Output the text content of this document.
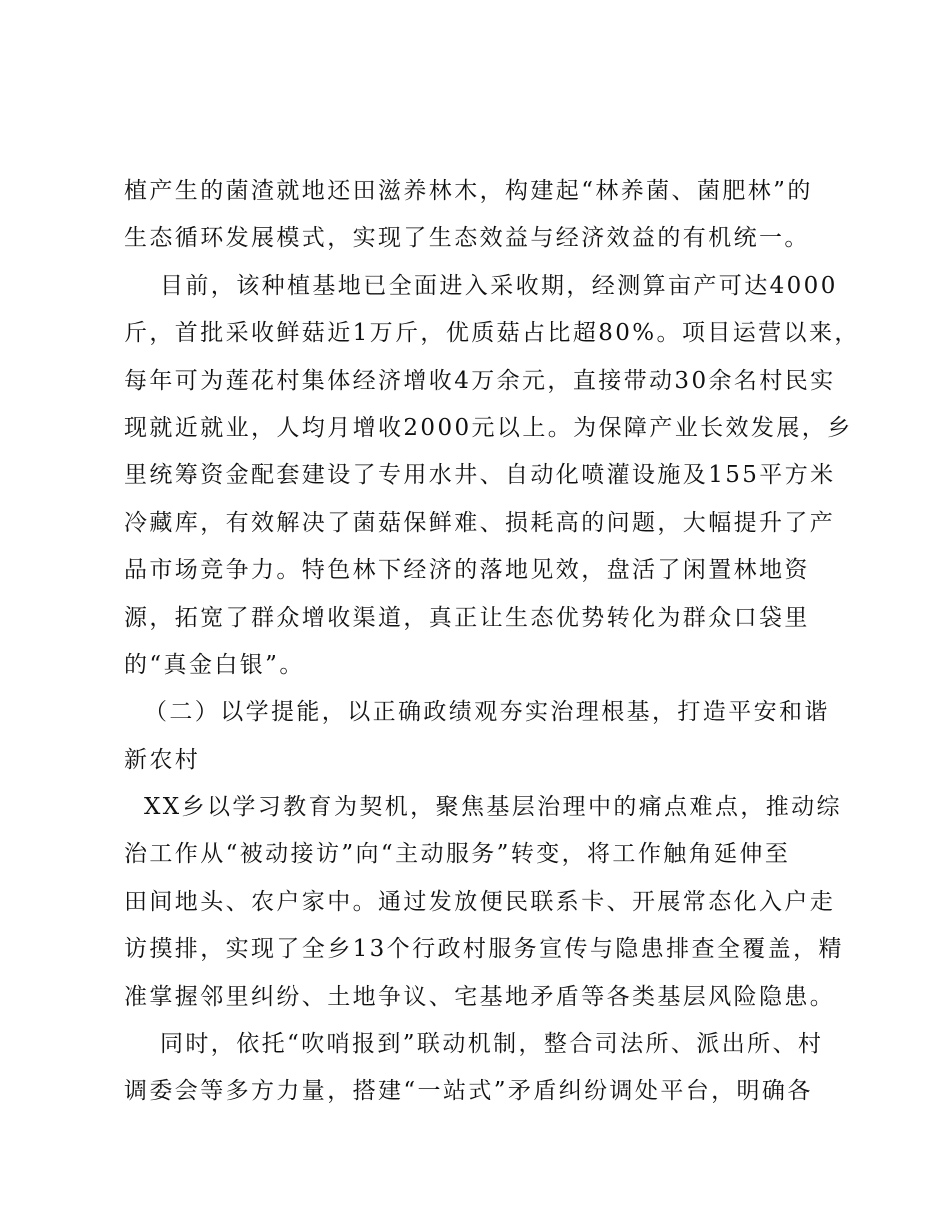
植产生的菌渣就地还田滋养林木，构建起“林养菌、菌肥林”的
生态循环发展模式，实现了生态效益与经济效益的有机统一。
目前，该种植基地已全面进入采收期，经测算亩产可达4000
斤，首批采收鲜菇近1万斤，优质菇占比超80%。项目运营以来，
每年可为莲花村集体经济增收4万余元，直接带动30余名村民实
现就近就业，人均月增收2000元以上。为保障产业长效发展，乡
里统筹资金配套建设了专用水井、自动化喷灌设施及155平方米
冷藏库，有效解决了菌菇保鲜难、损耗高的问题，大幅提升了产
品市场竞争力。特色林下经济的落地见效，盘活了闲置林地资
源，拓宽了群众增收渠道，真正让生态优势转化为群众口袋里
的“真金白银”。
（二）以学提能，以正确政绩观夯实治理根基，打造平安和谐
新农村
XX乡以学习教育为契机，聚焦基层治理中的痛点难点，推动综
治工作从“被动接访”向“主动服务”转变，将工作触角延伸至
田间地头、农户家中。通过发放便民联系卡、开展常态化入户走
访摸排，实现了全乡13个行政村服务宣传与隐患排查全覆盖，精
准掌握邻里纠纷、土地争议、宅基地矛盾等各类基层风险隐患。
同时，依托“吹哨报到”联动机制，整合司法所、派出所、村
调委会等多方力量，搭建“一站式”矛盾纠纷调处平台，明确各
